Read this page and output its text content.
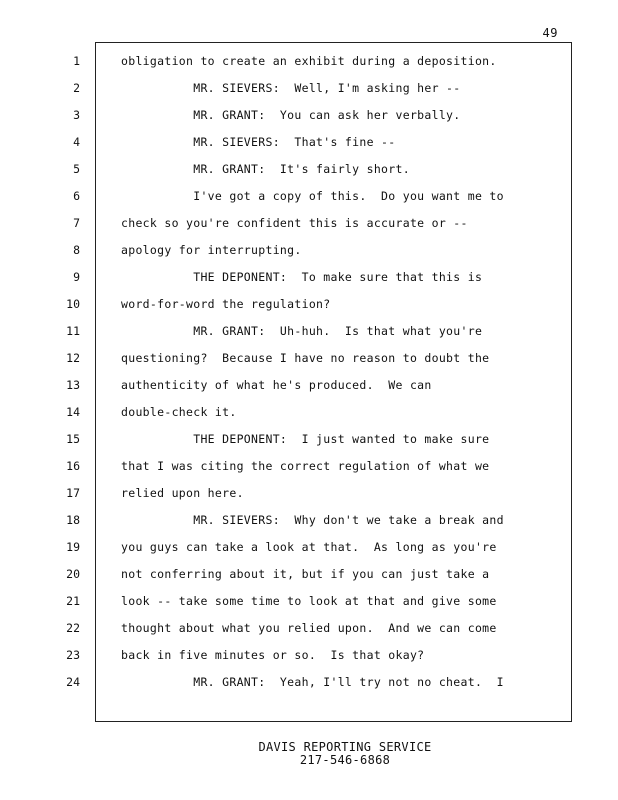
49
1
2
3
4
5
6
7
8
9
10
11
12
13
14
15
16
17
18
19
20
21
22
23
24
obligation to create an exhibit during a deposition.
MR. SIEVERS:  Well, I'm asking her --
MR. GRANT:  You can ask her verbally.
MR. SIEVERS:  That's fine --
MR. GRANT:  It's fairly short.
I've got a copy of this.  Do you want me to
check so you're confident this is accurate or --
apology for interrupting.
THE DEPONENT:  To make sure that this is
word-for-word the regulation?
MR. GRANT:  Uh-huh.  Is that what you're
questioning?  Because I have no reason to doubt the
authenticity of what he's produced.  We can
double-check it.
THE DEPONENT:  I just wanted to make sure
that I was citing the correct regulation of what we
relied upon here.
MR. SIEVERS:  Why don't we take a break and
you guys can take a look at that.  As long as you're
not conferring about it, but if you can just take a
look -- take some time to look at that and give some
thought about what you relied upon.  And we can come
back in five minutes or so.  Is that okay?
MR. GRANT:  Yeah, I'll try not no cheat.  I
DAVIS REPORTING SERVICE
217-546-6868
